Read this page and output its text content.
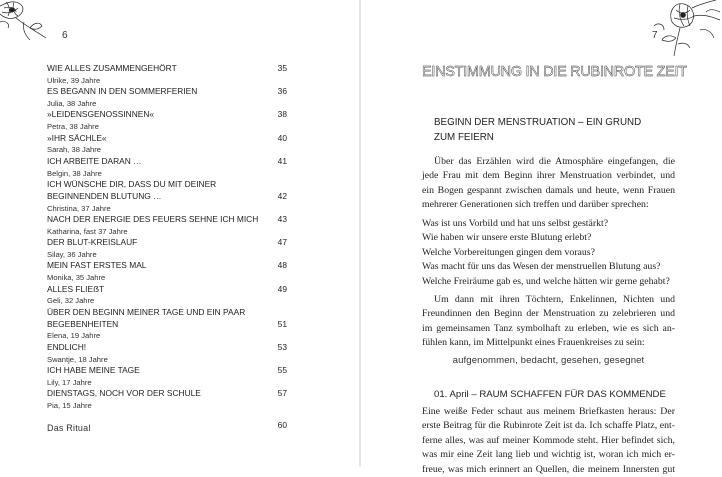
6
WIE ALLES ZUSAMMENGEHÖRT	35
Ulrike, 39 Jahre
ES BEGANN IN DEN SOMMERFERIEN	36
Julia, 38 Jahre
»LEIDENSGENOSSINNEN«	38
Petra, 38 Jahre
»IHR SÄCHLE«	40
Sarah, 38 Jahre
ICH ARBEITE DARAN …	41
Belgin, 38 Jahre
ICH WÜNSCHE DIR, DASS DU MIT DEINER BEGINNENDEN BLUTUNG …	42
Christina, 37 Jahre
NACH DER ENERGIE DES FEUERS SEHNE ICH MICH	43
Katharina, fast 37 Jahre
DER BLUT-KREISLAUF	47
Silay, 36 Jahre
MEIN FAST ERSTES MAL	48
Monika, 35 Jahre
ALLES FLIEẞT	49
Geli, 32 Jahre
ÜBER DEN BEGINN MEINER TAGE UND EIN PAAR BEGEBENHEITEN	51
Elena, 19 Jahre
ENDLICH!	53
Swantje, 18 Jahre
ICH HABE MEINE TAGE	55
Lily, 17 Jahre
DIENSTAGS, NOCH VOR DER SCHULE	57
Pia, 15 Jahre
Das Ritual	60
7
EINSTIMMUNG IN DIE RUBINROTE ZEIT
BEGINN DER MENSTRUATION – EIN GRUND ZUM FEIERN
Über das Erzählen wird die Atmosphäre eingefangen, die
jede Frau mit dem Beginn ihrer Menstruation verbindet, und
ein Bogen gespannt zwischen damals und heute, wenn Frauen
mehrerer Generationen sich treffen und darüber sprechen:
Was ist uns Vorbild und hat uns selbst gestärkt?
Wie haben wir unsere erste Blutung erlebt?
Welche Vorbereitungen gingen dem voraus?
Was macht für uns das Wesen der menstruellen Blutung aus?
Welche Freiräume gab es, und welche hätten wir gerne gehabt?
Um dann mit ihren Töchtern, Enkelinnen, Nichten und
Freundinnen den Beginn der Menstruation zu zelebrieren und
im gemeinsamen Tanz symbolhaft zu erleben, wie es sich an-
fühlen kann, im Mittelpunkt eines Frauenkreises zu sein:
aufgenommen, bedacht, gesehen, gesegnet
01. April – RAUM SCHAFFEN FÜR DAS KOMMENDE
Eine weiße Feder schaut aus meinem Briefkasten heraus: Der
erste Beitrag für die Rubinrote Zeit ist da. Ich schaffe Platz, ent-
ferne alles, was auf meiner Kommode steht. Hier befindet sich,
was mir eine Zeit lang lieb und wichtig ist, woran ich mich er-
freue, was mich erinnert an Quellen, die meinem Innersten gut
